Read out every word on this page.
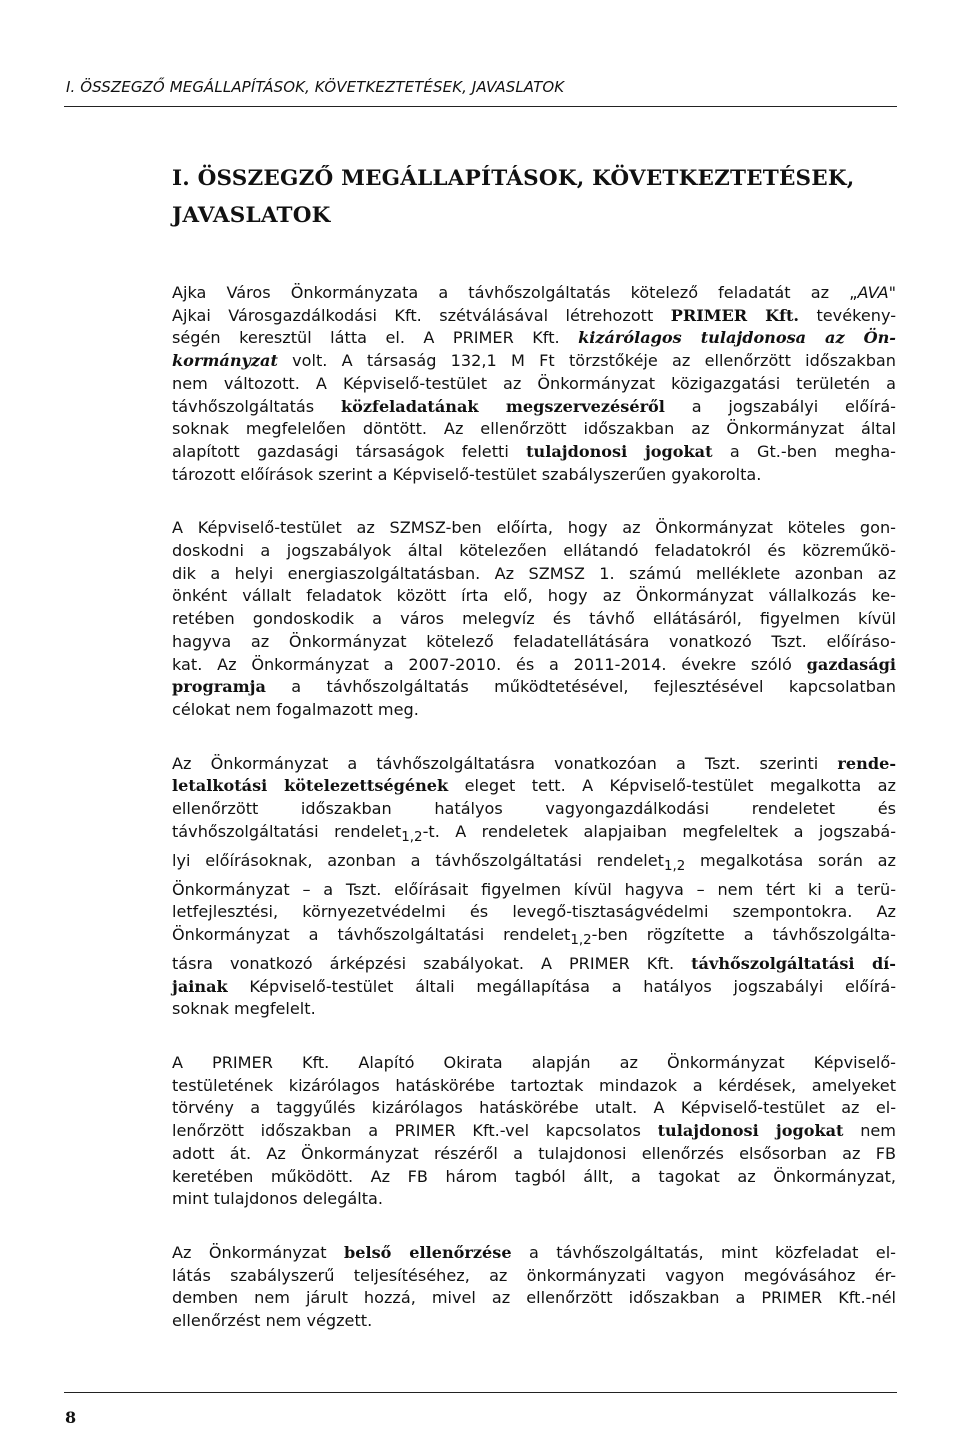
I. ÖSSZEGZŐ MEGÁLLAPÍTÁSOK, KÖVETKEZTETÉSEK, JAVASLATOK
I. ÖSSZEGZŐ MEGÁLLAPÍTÁSOK, KÖVETKEZTETÉSEK,
JAVASLATOK

Ajka Város Önkormányzata a távhőszolgáltatás kötelező feladatát az „AVA"
Ajkai Városgazdálkodási Kft. szétválásával létrehozott PRIMER Kft. tevékeny-
ségén keresztül látta el. A PRIMER Kft. kizárólagos tulajdonosa az Ön-
kormányzat volt. A társaság 132,1 M Ft törzstőkéje az ellenőrzött időszakban
nem változott. A Képviselő-testület az Önkormányzat közigazgatási területén a
távhőszolgáltatás közfeladatának megszervezéséről a jogszabályi előírá-
soknak megfelelően döntött. Az ellenőrzött időszakban az Önkormányzat által
alapított gazdasági társaságok feletti tulajdonosi jogokat a Gt.-ben megha-
tározott előírások szerint a Képviselő-testület szabályszerűen gyakorolta.

A Képviselő-testület az SZMSZ-ben előírta, hogy az Önkormányzat köteles gon-
doskodni a jogszabályok által kötelezően ellátandó feladatokról és közreműkö-
dik a helyi energiaszolgáltatásban. Az SZMSZ 1. számú melléklete azonban az
önként vállalt feladatok között írta elő, hogy az Önkormányzat vállalkozás ke-
retében gondoskodik a város melegvíz és távhő ellátásáról, figyelmen kívül
hagyva az Önkormányzat kötelező feladatellátására vonatkozó Tszt. előíráso-
kat. Az Önkormányzat a 2007-2010. és a 2011-2014. évekre szóló gazdasági
programja a távhőszolgáltatás működtetésével, fejlesztésével kapcsolatban
célokat nem fogalmazott meg.

Az Önkormányzat a távhőszolgáltatásra vonatkozóan a Tszt. szerinti rende-
letalkotási kötelezettségének eleget tett. A Képviselő-testület megalkotta az
ellenőrzött időszakban hatályos vagyongazdálkodási rendeletet és
távhőszolgáltatási rendelet$_{1,2}$-t. A rendeletek alapjaiban megfeleltek a jogszabá-
lyi előírásoknak, azonban a távhőszolgáltatási rendelet$_{1,2}$ megalkotása során az
Önkormányzat – a Tszt. előírásait figyelmen kívül hagyva – nem tért ki a terü-
letfejlesztési, környezetvédelmi és levegő-tisztaságvédelmi szempontokra. Az
Önkormányzat a távhőszolgáltatási rendelet$_{1,2}$-ben rögzítette a távhőszolgálta-
tásra vonatkozó árképzési szabályokat. A PRIMER Kft. távhőszolgáltatási dí-
jainak Képviselő-testület általi megállapítása a hatályos jogszabályi előírá-
soknak megfelelt.

A PRIMER Kft. Alapító Okirata alapján az Önkormányzat Képviselő-
testületének kizárólagos hatáskörébe tartoztak mindazok a kérdések, amelyeket
törvény a taggyűlés kizárólagos hatáskörébe utalt. A Képviselő-testület az el-
lenőrzött időszakban a PRIMER Kft.-vel kapcsolatos tulajdonosi jogokat nem
adott át. Az Önkormányzat részéről a tulajdonosi ellenőrzés elsősorban az FB
keretében működött. Az FB három tagból állt, a tagokat az Önkormányzat,
mint tulajdonos delegálta.

Az Önkormányzat belső ellenőrzése a távhőszolgáltatás, mint közfeladat el-
látás szabályszerű teljesítéséhez, az önkormányzati vagyon megóvásához ér-
demben nem járult hozzá, mivel az ellenőrzött időszakban a PRIMER Kft.-nél
ellenőrzést nem végzett.

8
